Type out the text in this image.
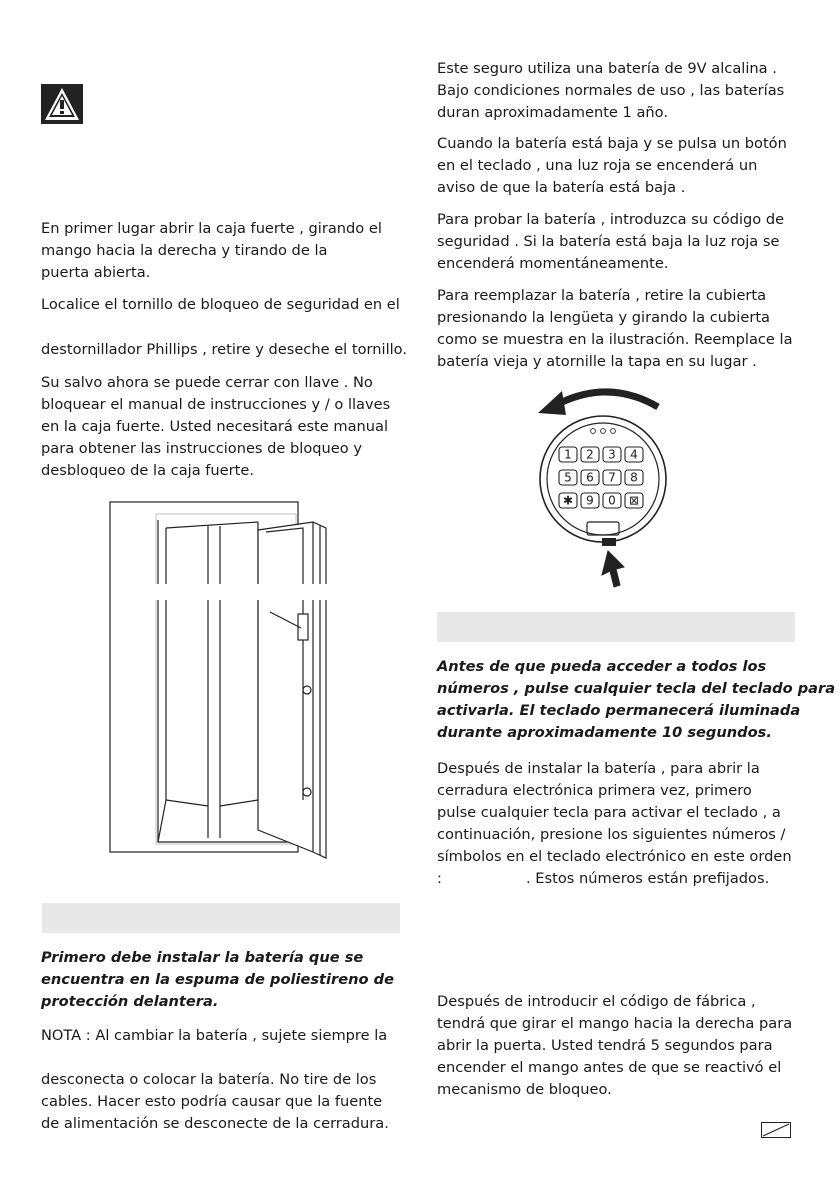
En primer lugar abrir la caja fuerte , girando el

mango hacia la derecha y tirando de la

puerta abierta.

Localice el tornillo de bloqueo de seguridad en el

destornillador Phillips , retire y deseche el tornillo.

Su salvo ahora se puede cerrar con llave . No

bloquear el manual de instrucciones y / o llaves

en la caja fuerte. Usted necesitará este manual

para obtener las instrucciones de bloqueo y

desbloqueo de la caja fuerte.

Primero debe instalar la batería que se

encuentra en la espuma de poliestireno de

protección delantera.

NOTA : Al cambiar la batería , sujete siempre la

desconecta o colocar la batería. No tire de los

cables. Hacer esto podría causar que la fuente

de alimentación se desconecte de la cerradura.

Este seguro utiliza una batería de 9V alcalina .

Bajo condiciones normales de uso , las baterías

duran aproximadamente 1 año.

Cuando la batería está baja y se pulsa un botón

en el teclado , una luz roja se encenderá un

aviso de que la batería está baja .

Para probar la batería , introduzca su código de

seguridad . Si la batería está baja la luz roja se

encenderá momentáneamente.

Para reemplazar la batería , retire la cubierta

presionando la lengüeta y girando la cubierta

como se muestra en la ilustración. Reemplace la

batería vieja y atornille la tapa en su lugar .

1 2 3 4
5 6 7 8
✱ 9 0 ⊠

Antes de que pueda acceder a todos los

números , pulse cualquier tecla del teclado para

activarla. El teclado permanecerá iluminada

durante aproximadamente 10 segundos.

Después de instalar la batería , para abrir la

cerradura electrónica primera vez, primero

pulse cualquier tecla para activar el teclado , a

continuación, presione los siguientes números /

símbolos en el teclado electrónico en este orden

:	. Estos números están prefijados.

Después de introducir el código de fábrica ,

tendrá que girar el mango hacia la derecha para

abrir la puerta. Usted tendrá 5 segundos para

encender el mango antes de que se reactivó el

mecanismo de bloqueo.
